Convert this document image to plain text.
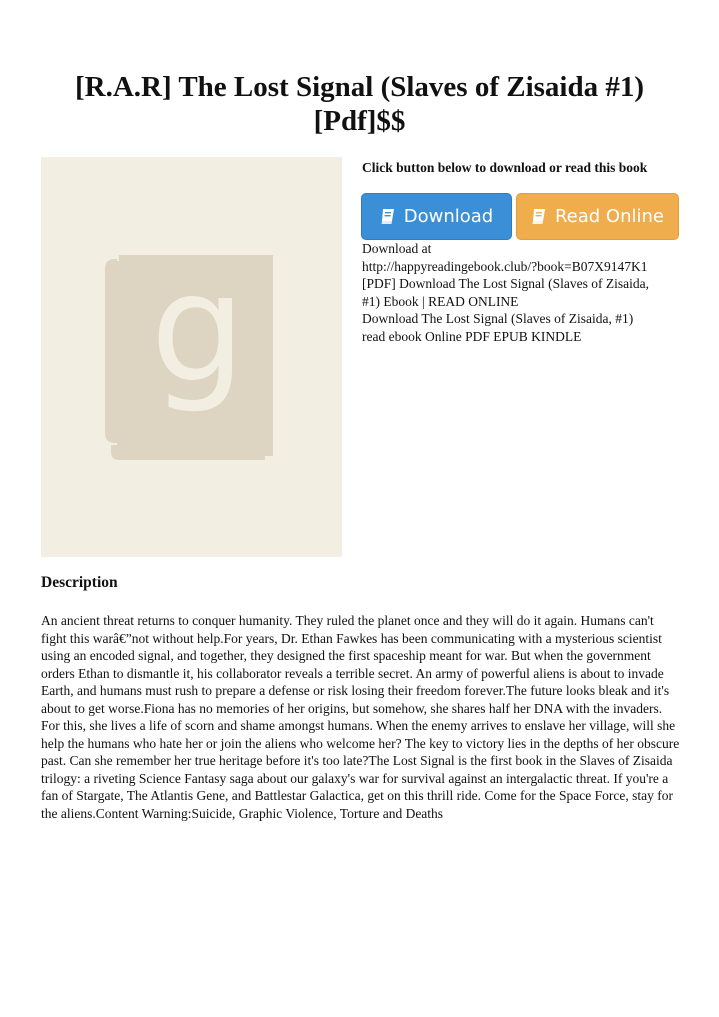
[R.A.R] The Lost Signal (Slaves of Zisaida #1) [Pdf]$$
g

Click button below to download or read this book

Download	Read Online
Download at
http://happyreadingebook.club/?book=B07X9147K1
[PDF] Download The Lost Signal (Slaves of Zisaida,
#1) Ebook | READ ONLINE
Download The Lost Signal (Slaves of Zisaida, #1)
read ebook Online PDF EPUB KINDLE
Description

An ancient threat returns to conquer humanity. They ruled the planet once and they will do it again. Humans can't fight this warâ€”not without help.For years, Dr. Ethan Fawkes has been communicating with a mysterious scientist using an encoded signal, and together, they designed the first spaceship meant for war. But when the government orders Ethan to dismantle it, his collaborator reveals a terrible secret. An army of powerful aliens is about to invade Earth, and humans must rush to prepare a defense or risk losing their freedom forever.The future looks bleak and it's about to get worse.Fiona has no memories of her origins, but somehow, she shares half her DNA with the invaders. For this, she lives a life of scorn and shame amongst humans. When the enemy arrives to enslave her village, will she help the humans who hate her or join the aliens who welcome her? The key to victory lies in the depths of her obscure past. Can she remember her true heritage before it's too late?The Lost Signal is the first book in the Slaves of Zisaida trilogy: a riveting Science Fantasy saga about our galaxy's war for survival against an intergalactic threat. If you're a fan of Stargate, The Atlantis Gene, and Battlestar Galactica, get on this thrill ride. Come for the Space Force, stay for the aliens.Content Warning:Suicide, Graphic Violence, Torture and Deaths
